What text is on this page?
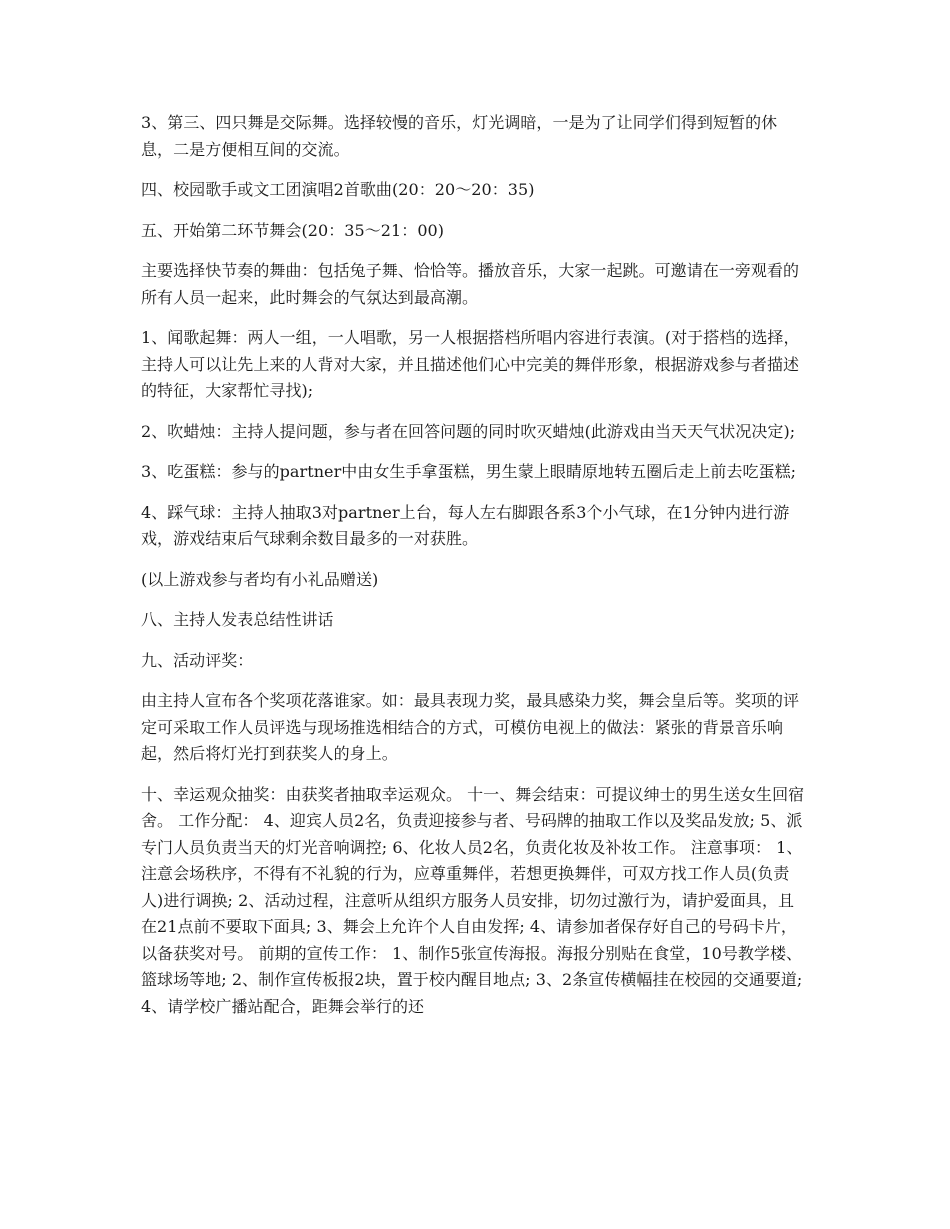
3、第三、四只舞是交际舞。选择较慢的音乐，灯光调暗，一是为了让同学们得到短暂的休息，二是方便相互间的交流。

四、校园歌手或文工团演唱2首歌曲(20：20～20：35)

五、开始第二环节舞会(20：35～21：00)

主要选择快节奏的舞曲：包括兔子舞、恰恰等。播放音乐，大家一起跳。可邀请在一旁观看的所有人员一起来，此时舞会的气氛达到最高潮。

1、闻歌起舞：两人一组，一人唱歌，另一人根据搭档所唱内容进行表演。(对于搭档的选择，主持人可以让先上来的人背对大家，并且描述他们心中完美的舞伴形象，根据游戏参与者描述的特征，大家帮忙寻找);

2、吹蜡烛：主持人提问题，参与者在回答问题的同时吹灭蜡烛(此游戏由当天天气状况决定);

3、吃蛋糕：参与的partner中由女生手拿蛋糕，男生蒙上眼睛原地转五圈后走上前去吃蛋糕;

4、踩气球：主持人抽取3对partner上台，每人左右脚跟各系3个小气球，在1分钟内进行游戏，游戏结束后气球剩余数目最多的一对获胜。

(以上游戏参与者均有小礼品赠送)

八、主持人发表总结性讲话

九、活动评奖：

由主持人宣布各个奖项花落谁家。如：最具表现力奖，最具感染力奖，舞会皇后等。奖项的评定可采取工作人员评选与现场推选相结合的方式，可模仿电视上的做法：紧张的背景音乐响起，然后将灯光打到获奖人的身上。

十、幸运观众抽奖：由获奖者抽取幸运观众。 十一、舞会结束：可提议绅士的男生送女生回宿舍。 工作分配： 4、迎宾人员2名，负责迎接参与者、号码牌的抽取工作以及奖品发放; 5、派专门人员负责当天的灯光音响调控; 6、化妆人员2名，负责化妆及补妆工作。 注意事项： 1、注意会场秩序，不得有不礼貌的行为，应尊重舞伴，若想更换舞伴，可双方找工作人员(负责人)进行调换; 2、活动过程，注意听从组织方服务人员安排，切勿过激行为，请护爱面具，且在21点前不要取下面具; 3、舞会上允许个人自由发挥; 4、请参加者保存好自己的号码卡片，以备获奖对号。 前期的宣传工作： 1、制作5张宣传海报。海报分别贴在食堂，10号教学楼、篮球场等地; 2、制作宣传板报2块，置于校内醒目地点; 3、2条宣传横幅挂在校园的交通要道; 4、请学校广播站配合，距舞会举行的还
